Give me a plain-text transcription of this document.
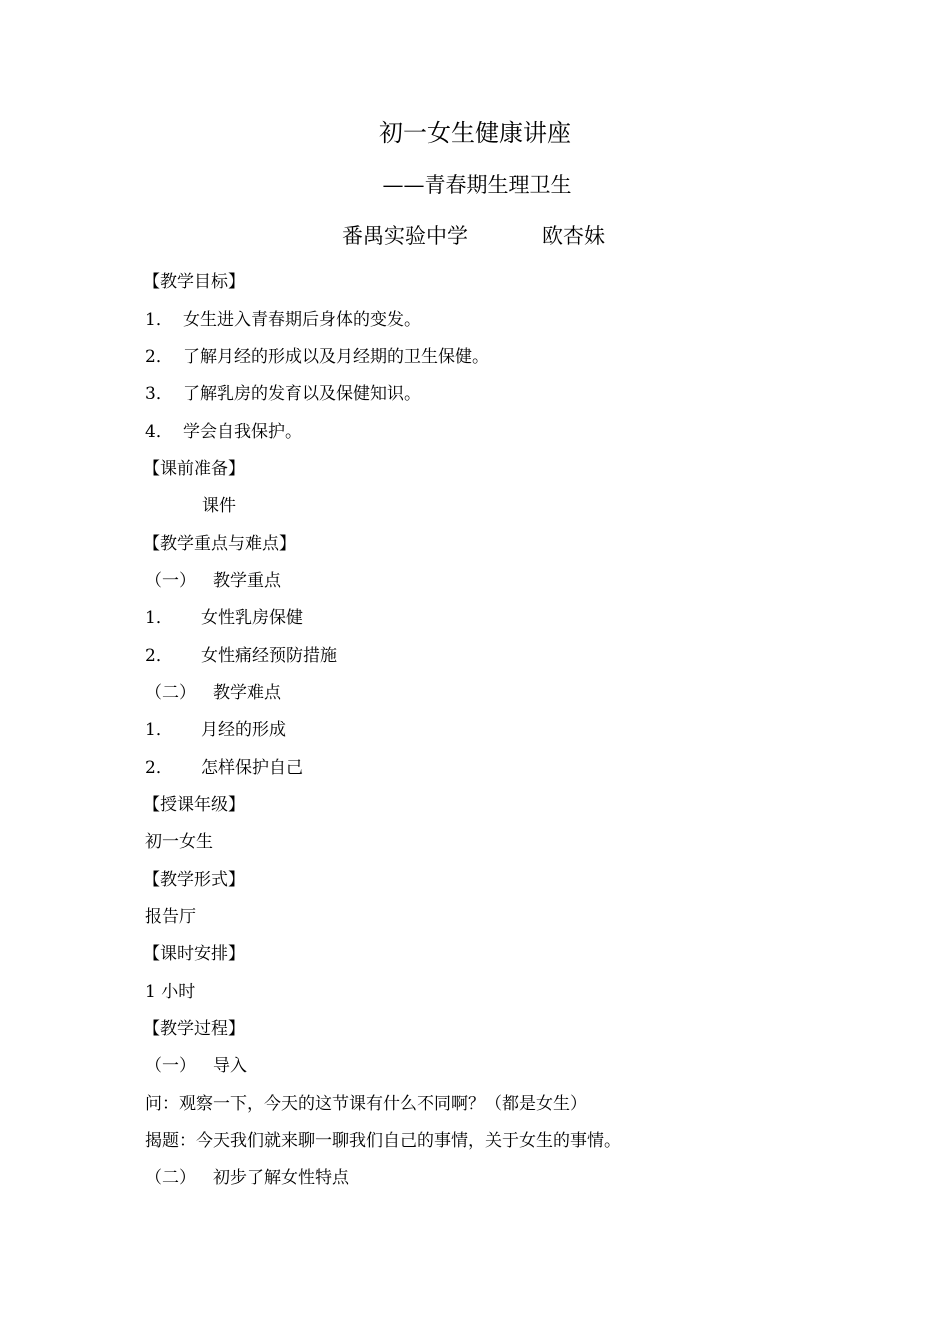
初一女生健康讲座
——青春期生理卫生
番禺实验中学	欧杏妹
【教学目标】
1． 女生进入青春期后身体的变发。
2． 了解月经的形成以及月经期的卫生保健。
3． 了解乳房的发育以及保健知识。
4． 学会自我保护。
【课前准备】
课件
【教学重点与难点】
（一） 教学重点
1． 女性乳房保健
2． 女性痛经预防措施
（二） 教学难点
1． 月经的形成
2． 怎样保护自己
【授课年级】
初一女生
【教学形式】
报告厅
【课时安排】
1 小时
【教学过程】
（一） 导入
问：观察一下，今天的这节课有什么不同啊？（都是女生）
揭题：今天我们就来聊一聊我们自己的事情，关于女生的事情。
（二） 初步了解女性特点
